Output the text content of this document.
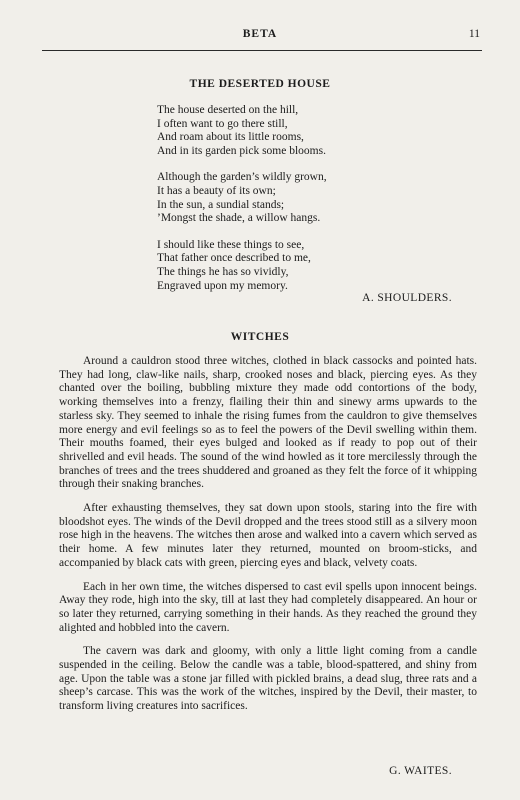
BETA	11
THE DESERTED HOUSE
The house deserted on the hill,
I often want to go there still,
And roam about its little rooms,
And in its garden pick some blooms.
Although the garden’s wildly grown,
It has a beauty of its own;
In the sun, a sundial stands;
’Mongst the shade, a willow hangs.
I should like these things to see,
That father once described to me,
The things he has so vividly,
Engraved upon my memory.
A. SHOULDERS.
WITCHES

Around a cauldron stood three witches, clothed in black cassocks and pointed hats. They had long, claw-like nails, sharp, crooked noses and black, piercing eyes. As they chanted over the boiling, bubbling mixture they made odd contortions of the body, working themselves into a frenzy, flailing their thin and sinewy arms upwards to the starless sky. They seemed to inhale the rising fumes from the cauldron to give themselves more energy and evil feelings so as to feel the powers of the Devil swelling within them. Their mouths foamed, their eyes bulged and looked as if ready to pop out of their shrivelled and evil heads. The sound of the wind howled as it tore mercilessly through the branches of trees and the trees shuddered and groaned as they felt the force of it whipping through their snaking branches.

After exhausting themselves, they sat down upon stools, staring into the fire with bloodshot eyes. The winds of the Devil dropped and the trees stood still as a silvery moon rose high in the heavens. The witches then arose and walked into a cavern which served as their home. A few minutes later they returned, mounted on broom-sticks, and accompanied by black cats with green, piercing eyes and black, velvety coats.

Each in her own time, the witches dispersed to cast evil spells upon innocent beings. Away they rode, high into the sky, till at last they had completely disappeared. An hour or so later they returned, carrying something in their hands. As they reached the ground they alighted and hobbled into the cavern.

The cavern was dark and gloomy, with only a little light coming from a candle suspended in the ceiling. Below the candle was a table, blood-spattered, and shiny from age. Upon the table was a stone jar filled with pickled brains, a dead slug, three rats and a sheep’s carcase. This was the work of the witches, inspired by the Devil, their master, to transform living creatures into sacrifices.

G. WAITES.
